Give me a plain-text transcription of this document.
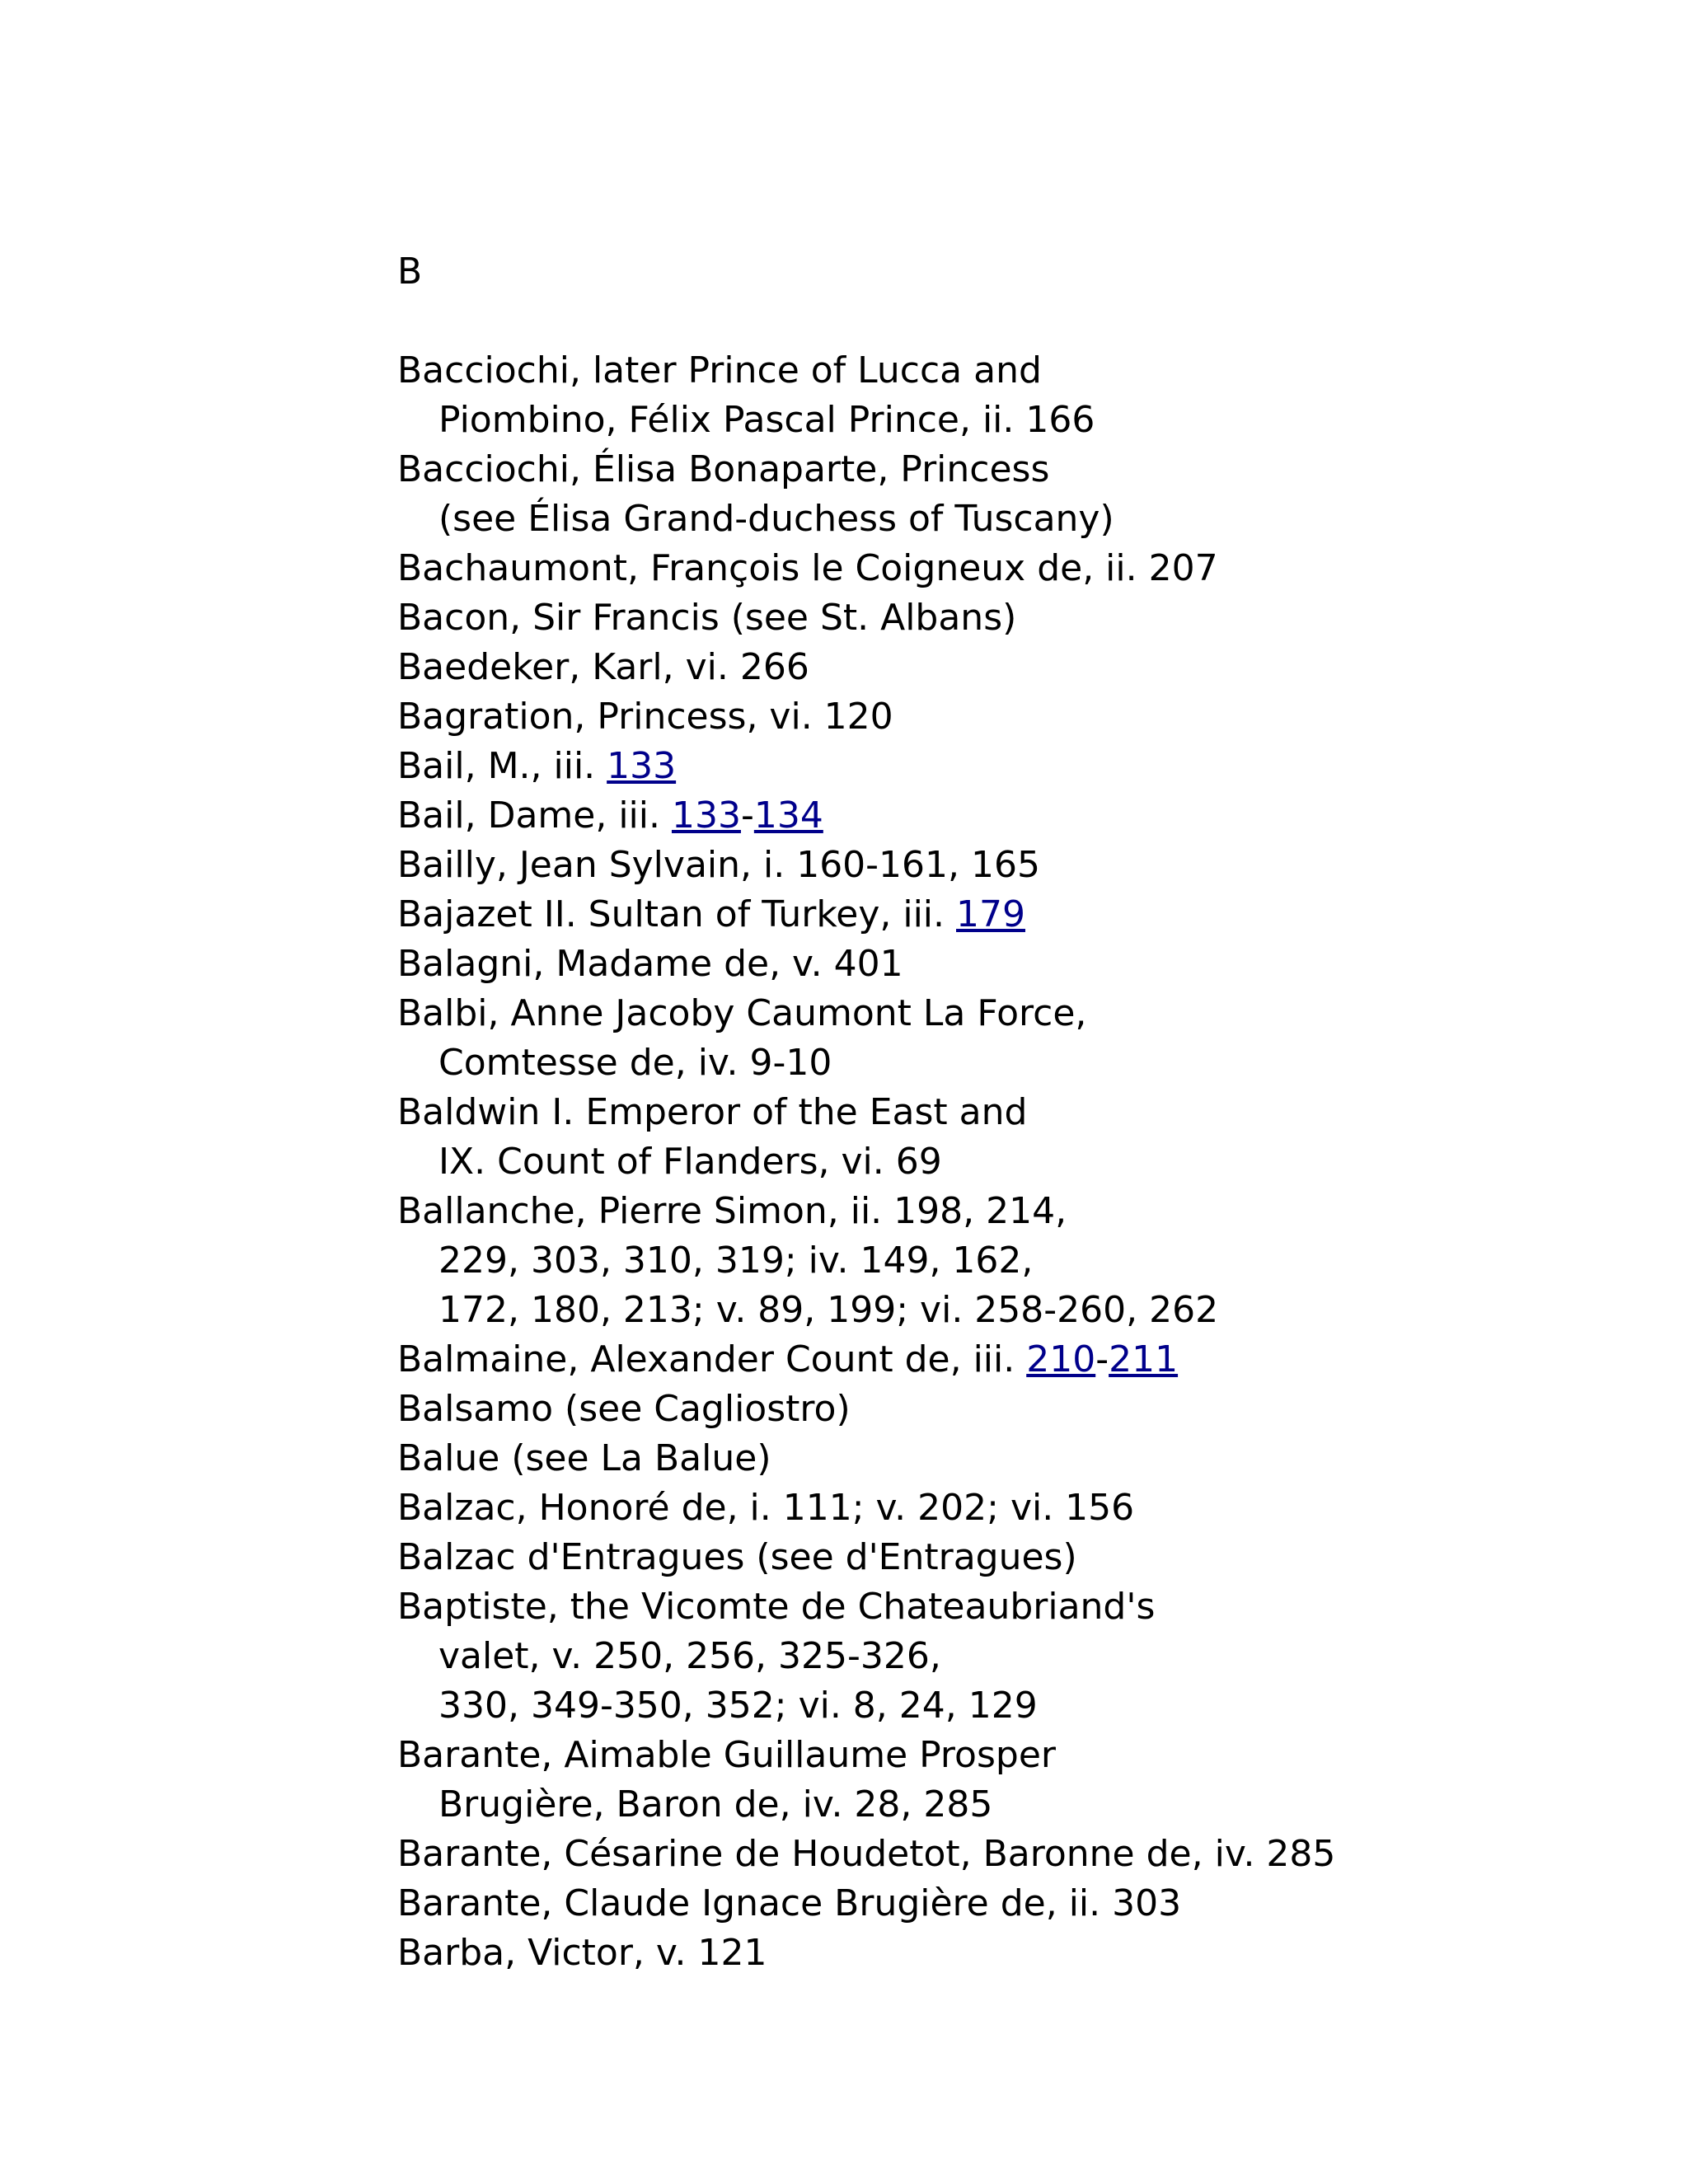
B
Bacciochi, later Prince of Lucca and
Piombino, Félix Pascal Prince, ii. 166
Bacciochi, Élisa Bonaparte, Princess
(see Élisa Grand-duchess of Tuscany)
Bachaumont, François le Coigneux de, ii. 207
Bacon, Sir Francis (see St. Albans)
Baedeker, Karl, vi. 266
Bagration, Princess, vi. 120
Bail, M., iii. 133
Bail, Dame, iii. 133-134
Bailly, Jean Sylvain, i. 160-161, 165
Bajazet II. Sultan of Turkey, iii. 179
Balagni, Madame de, v. 401
Balbi, Anne Jacoby Caumont La Force,
Comtesse de, iv. 9-10
Baldwin I. Emperor of the East and
IX. Count of Flanders, vi. 69
Ballanche, Pierre Simon, ii. 198, 214,
229, 303, 310, 319; iv. 149, 162,
172, 180, 213; v. 89, 199; vi. 258-260, 262
Balmaine, Alexander Count de, iii. 210-211
Balsamo (see Cagliostro)
Balue (see La Balue)
Balzac, Honoré de, i. 111; v. 202; vi. 156
Balzac d'Entragues (see d'Entragues)
Baptiste, the Vicomte de Chateaubriand's
valet, v. 250, 256, 325-326,
330, 349-350, 352; vi. 8, 24, 129
Barante, Aimable Guillaume Prosper
Brugière, Baron de, iv. 28, 285
Barante, Césarine de Houdetot, Baronne de, iv. 285
Barante, Claude Ignace Brugière de, ii. 303
Barba, Victor, v. 121
